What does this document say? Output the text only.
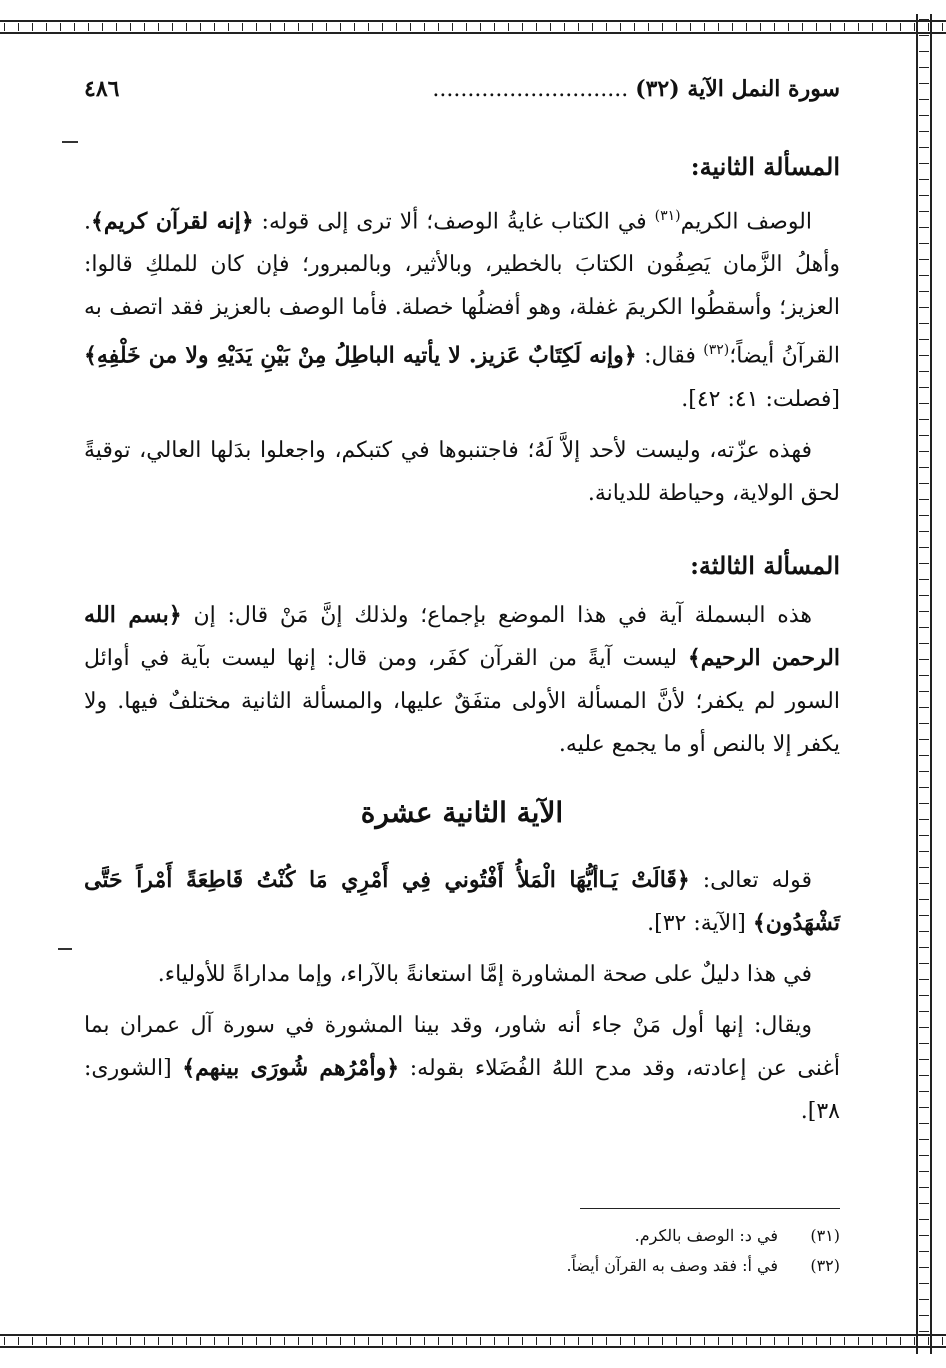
سورة النمل الآية (٣٢) .....
٤٨٦
المسألة الثانية:

الوصف الكريم$^{(٣١)}$ في الكتاب غايةُ الوصف؛ ألا ترى إلى قوله: ﴿إنه لقرآن كريم﴾. وأهلُ الزَّمان يَصِفُون الكتابَ بالخطير، وبالأثير، وبالمبرور؛ فإن كان للملكِ قالوا: العزيز؛ وأسقطُوا الكريمَ غفلة، وهو أفضلُها خصلة. فأما الوصف بالعزيز فقد اتصف به القرآنُ أيضاً؛$^{(٣٢)}$ فقال: ﴿وإنه لَكِتَابٌ عَزيز. لا يأتيه الباطِلُ مِنْ بَيْنِ يَدَيْهِ ولا من خَلْفِهِ﴾ [فصلت: ٤١: ٤٢].

فهذه عزّته، وليست لأحد إلاَّ لَهُ؛ فاجتنبوها في كتبكم، واجعلوا بدَلها العالي، توقيةً لحق الولاية، وحياطة للديانة.

المسألة الثالثة:

هذه البسملة آية في هذا الموضع بإجماع؛ ولذلك إنَّ مَنْ قال: إن ﴿بسم الله الرحمن الرحيم﴾ ليست آيةً من القرآن كفَر، ومن قال: إنها ليست بآية في أوائل السور لم يكفر؛ لأنَّ المسألة الأولى متفَقٌ عليها، والمسألة الثانية مختلفٌ فيها. ولا يكفر إلا بالنص أو ما يجمع عليه.

الآية الثانية عشرة

قوله تعالى: ﴿قَالَتْ يَـاأيُّهَا الْمَلأُ أَفْتُوني فِي أَمْرِي مَا كُنْتُ قَاطِعَةً أَمْراً حَتَّى تَشْهَدُون﴾ [الآية: ٣٢].

في هذا دليلٌ على صحة المشاورة إمَّا استعانةً بالآراء، وإما مداراةً للأولياء.

ويقال: إنها أول مَنْ جاء أنه شاور، وقد بينا المشورة في سورة آل عمران بما أغنى عن إعادته، وقد مدح اللهُ الفُضَلاء بقوله: ﴿وأمْرُهم شُورَى بينهم﴾ [الشورى: ٣٨].

(٣١)في د: الوصف بالكرم.
(٣٢)في أ: فقد وصف به القرآن أيضاً.
